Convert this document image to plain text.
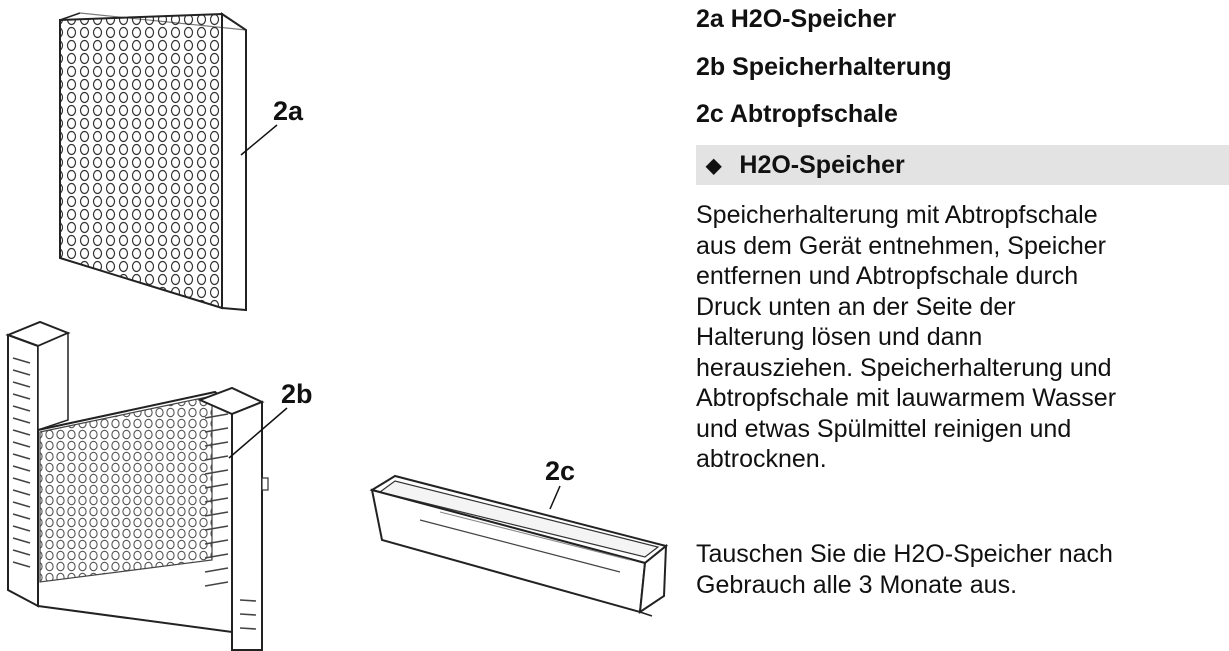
2a
2b
2c
2a H2O-Speicher
2b Speicherhalterung
2c Abtropfschale
◆ H2O-Speicher

Speicherhalterung mit Abtropfschale
aus dem Gerät entnehmen, Speicher
entfernen und Abtropfschale durch
Druck unten an der Seite der
Halterung lösen und dann
herausziehen. Speicherhalterung und
Abtropfschale mit lauwarmem Wasser
und etwas Spülmittel reinigen und
abtrocknen.

Tauschen Sie die H2O-Speicher nach
Gebrauch alle 3 Monate aus.
